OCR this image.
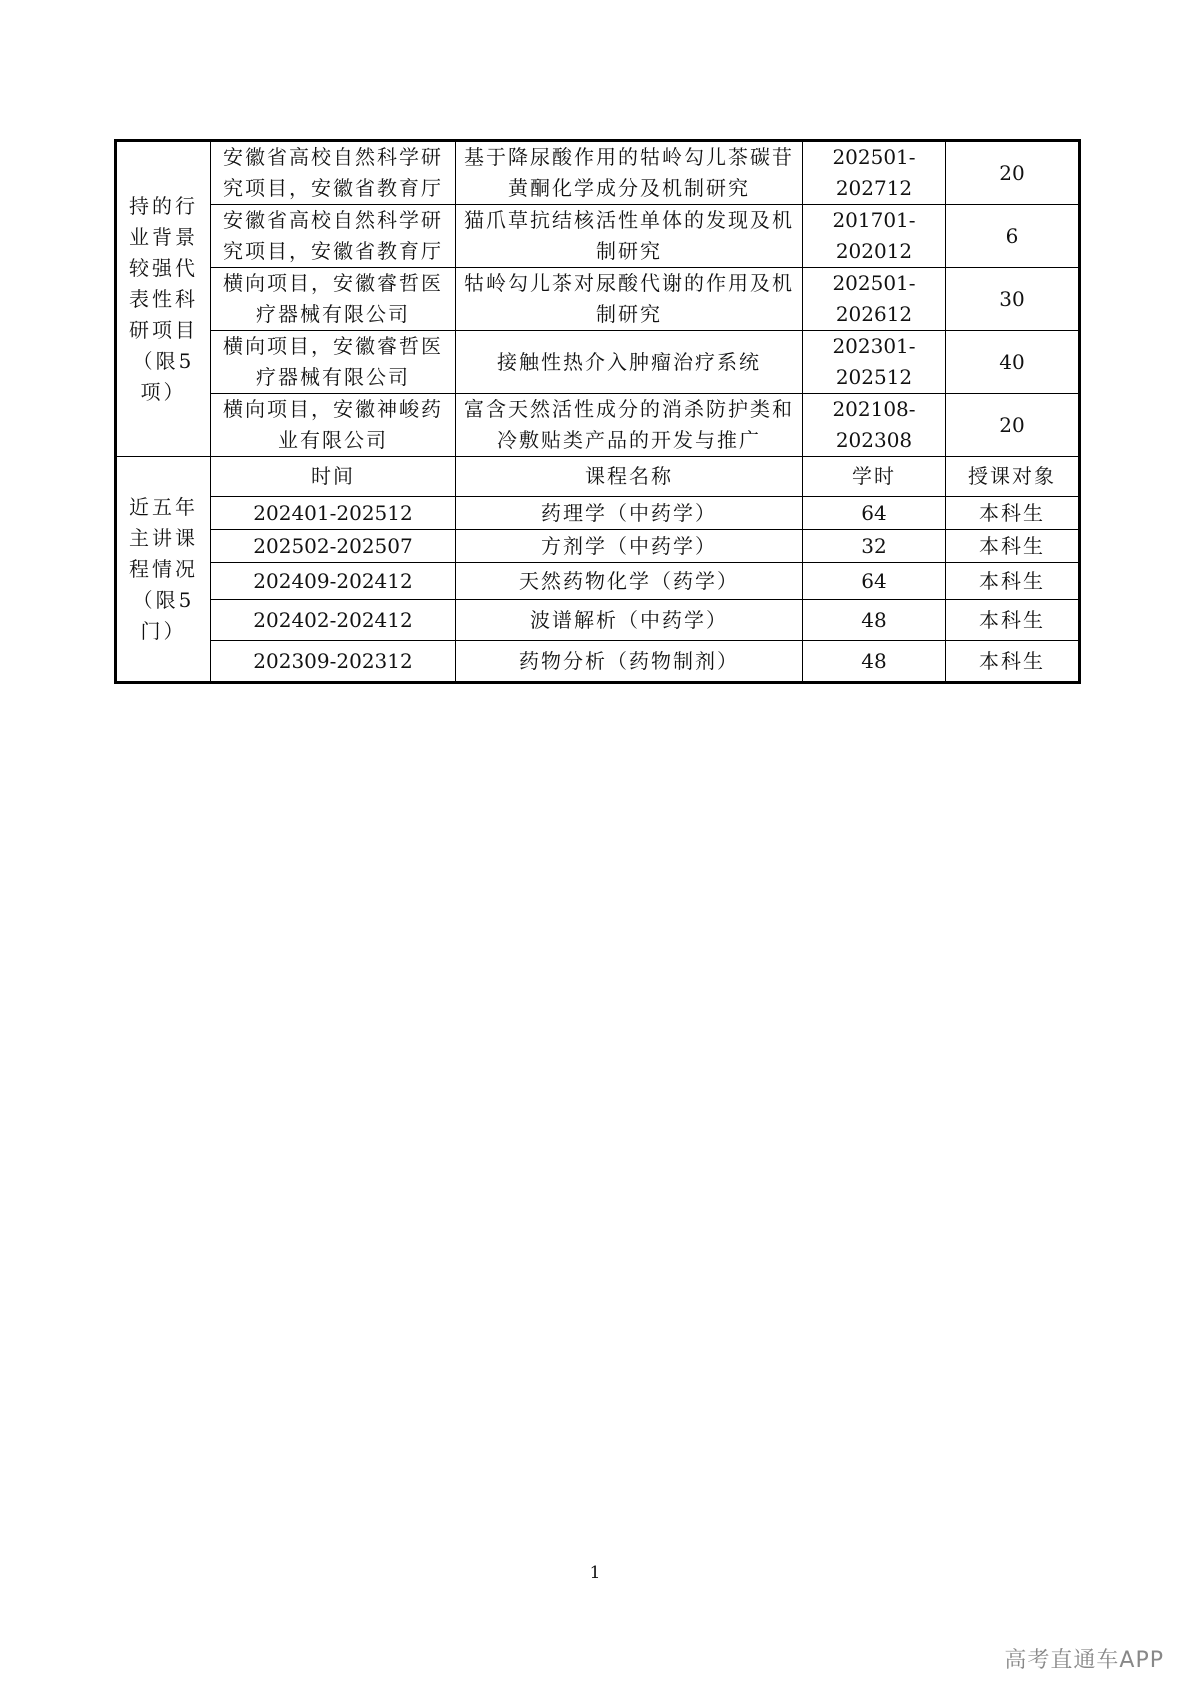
持的行业背景较强代表性科研项目（限5项）	安徽省高校自然科学研究项目，安徽省教育厅	基于降尿酸作用的牯岭勾儿茶碳苷黄酮化学成分及机制研究	202501-202712	20
	安徽省高校自然科学研究项目，安徽省教育厅	猫爪草抗结核活性单体的发现及机制研究	201701-202012	6
	横向项目，安徽睿哲医疗器械有限公司	牯岭勾儿茶对尿酸代谢的作用及机制研究	202501-202612	30
	横向项目，安徽睿哲医疗器械有限公司	接触性热介入肿瘤治疗系统	202301-202512	40
	横向项目，安徽神峻药业有限公司	富含天然活性成分的消杀防护类和冷敷贴类产品的开发与推广	202108-202308	20
近五年主讲课程情况（限5门）	时间	课程名称	学时	授课对象
	202401-202512	药理学（中药学）	64	本科生
	202502-202507	方剂学（中药学）	32	本科生
	202409-202412	天然药物化学（药学）	64	本科生
	202402-202412	波谱解析（中药学）	48	本科生
	202309-202312	药物分析（药物制剂）	48	本科生
1
高考直通车APP
